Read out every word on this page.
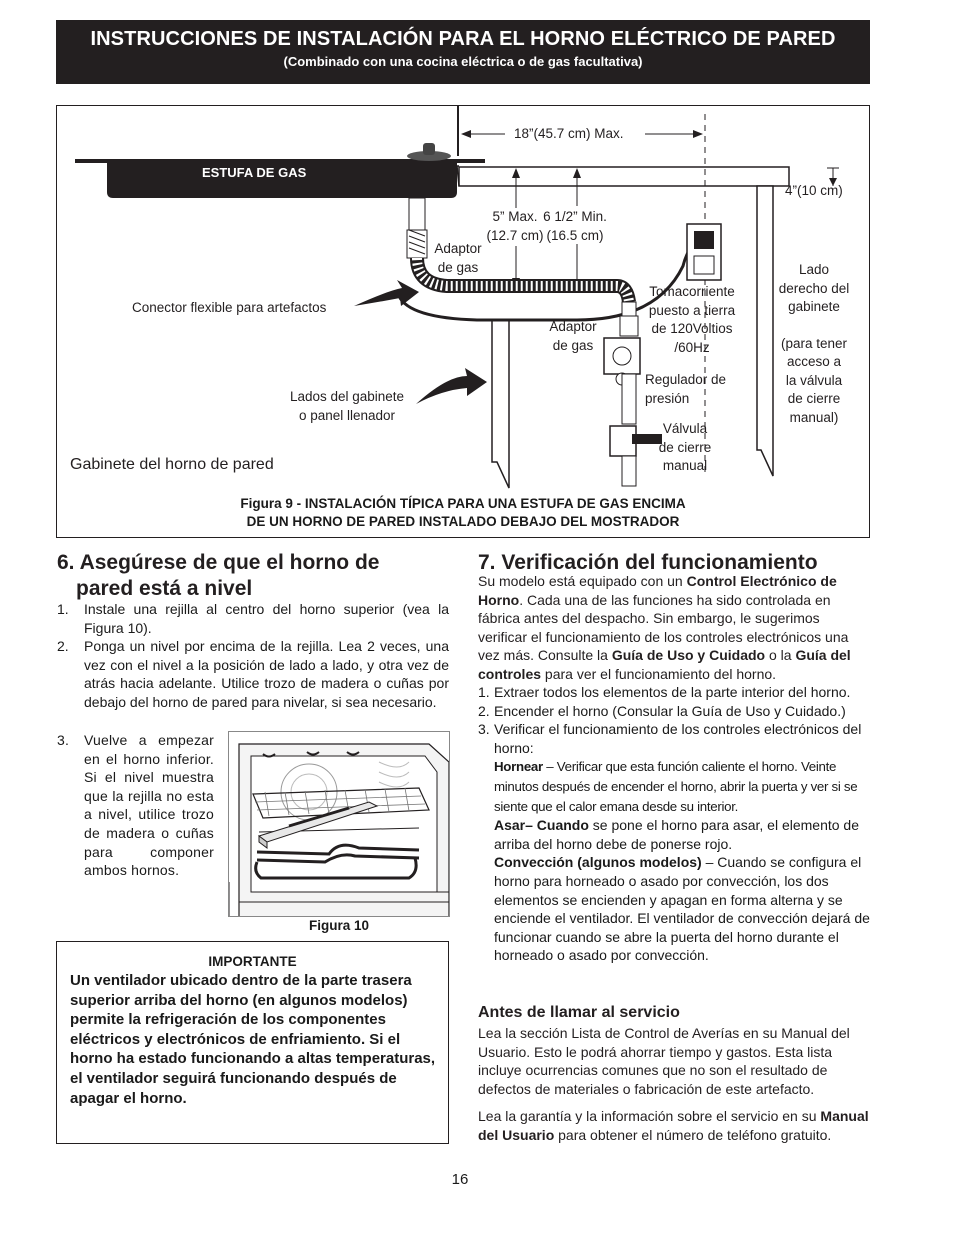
INSTRUCCIONES DE INSTALACIÓN PARA EL HORNO ELÉCTRICO DE PARED
(Combinado con una cocina eléctrica o de gas facultativa)
ESTUFA DE GAS
18”(45.7 cm) Max.
4”(10 cm)
5” Max.
(12.7 cm)
6 1/2” Min.
(16.5 cm)
Adaptor
de gas
Conector flexible para artefactos
Adaptor
de gas
Tomacorriente
puesto a tierra
de 120Voltios
/60Hz
Lado
derecho del
gabinete
(para tener
acceso a
la válvula
de cierre
manual)
Lados del gabinete
o panel llenador
Regulador de
presión
Válvula
de cierre
manual
Gabinete del horno de pared
Figura 9 - INSTALACIÓN TÍPICA PARA UNA ESTUFA DE GAS ENCIMA
DE UN HORNO DE PARED INSTALADO DEBAJO DEL MOSTRADOR
6. Asegúrese de que el horno de
pared está a nivel
1. Instale una rejilla al centro del horno superior (vea la Figura 10).
2. Ponga un nivel por encima de la rejilla. Lea 2 veces, una vez con el nivel a la posición de lado a lado, y otra vez de atrás hacia adelante. Utilice trozo de madera o cuñas por debajo del horno de pared para nivelar, si sea necesario.
3. Vuelve a empezar en el horno inferior. Si el nivel muestra que la rejilla no esta a nivel, utilice trozo de madera o cuñas para componer ambos hornos.
Figura 10
IMPORTANTE
Un ventilador ubicado dentro de la parte trasera superior arriba del horno (en algunos modelos) permite la refrigeración de los componentes eléctricos y electrónicos de enfriamiento. Si el horno ha estado funcionando a altas temperaturas, el ventilador seguirá funcionando después de apagar el horno.
7. Verificación del funcionamiento

Su modelo está equipado con un Control Electrónico de Horno. Cada una de las funciones ha sido controlada en fábrica antes del despacho. Sin embargo, le sugerimos verificar el funcionamiento de los controles electrónicos una vez más. Consulte la Guía de Uso y Cuidado o la Guía del controles para ver el funcionamiento del horno.

1. Extraer todos los elementos de la parte interior del horno.
2. Encender el horno (Consular la Guía de Uso y Cuidado.)
3. Verificar el funcionamiento de los controles electrónicos del horno:
Hornear – Verificar que esta función caliente el horno. Veinte minutos después de encender el horno, abrir la puerta y ver si se siente que el calor emana desde su interior.
Asar– Cuando se pone el horno para asar, el elemento de arriba del horno debe de ponerse rojo.
Convección (algunos modelos) – Cuando se configura el horno para horneado o asado por convección, los dos elementos se encienden y apagan en forma alterna y se enciende el ventilador. El ventilador de convección dejará de funcionar cuando se abre la puerta del horno durante el horneado o asado por convección.
Antes de llamar al servicio
Lea la sección Lista de Control de Averías en su Manual del Usuario. Esto le podrá ahorrar tiempo y gastos. Esta lista incluye ocurrencias comunes que no son el resultado de defectos de materiales o fabricación de este artefacto.

Lea la garantía y la información sobre el servicio en su Manual del Usuario para obtener el número de teléfono gratuito.

16
